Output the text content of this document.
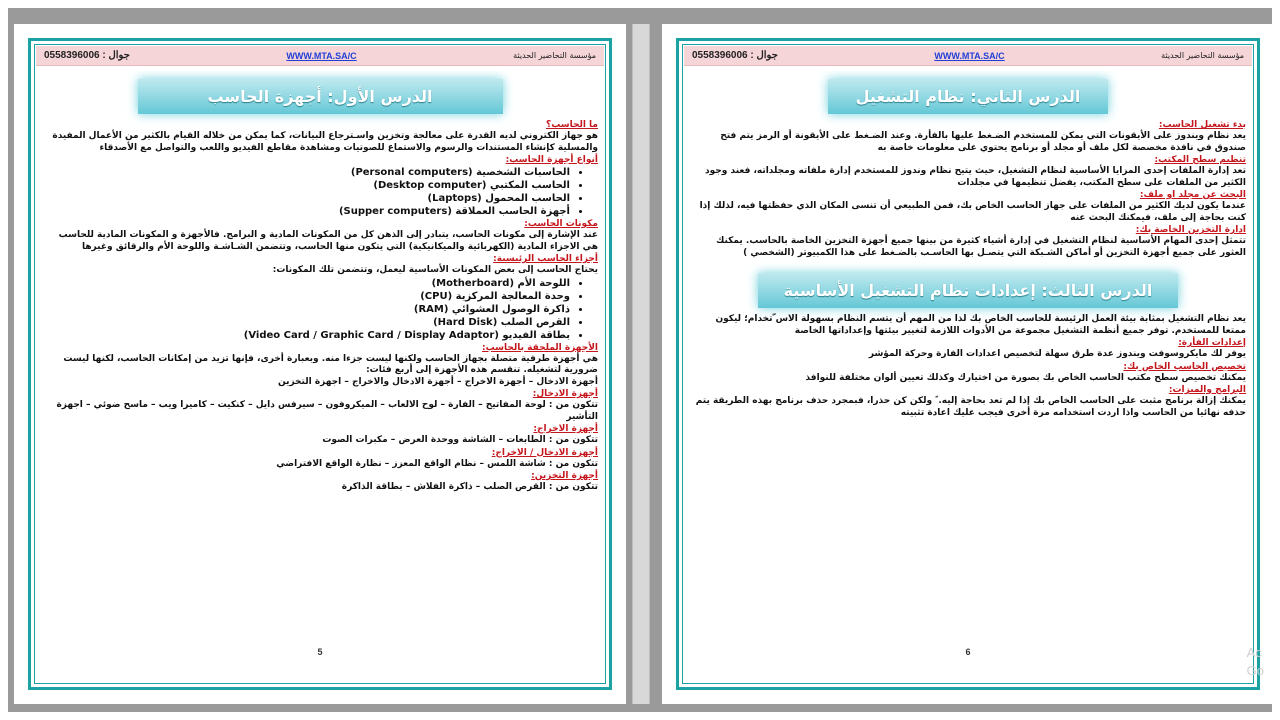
جوال : 0558396006	WWW.MTA.SA/C	مؤسسة التحاضير الحديثة
الدرس الأول: أجهزة الحاسب
ما الحاسب؟
هو جهاز الكتروني لديه القدرة على معالجة وتخزين واسـترجاع البيانات، كما يمكن من خلاله القيام بالكثير من الأعمال المفيدة والمسلية كإنشاء المستندات والرسوم والاستماع للصوتيات ومشاهدة مقاطع الفيديو واللعب والتواصل مع الأصدقاء
أنواع أجهزة الحاسب:
• الحاسبات الشخصية (Personal computers)
• الحاسب المكتبي (Desktop computer)
• الحاسب المحمول (Laptops)
• أجهزة الحاسب العملاقة (Supper computers)
مكونات الحاسب:
عند الإشارة إلى مكونات الحاسب، يتبادر إلى الذهن كل من المكونات المادية و البرامج. فالأجهزة و المكونات المادية للحاسب هي الاجزاء المادية (الكهربائية والميكانيكية) التي يتكون منها الحاسب، وتتضمن الشـاشـة واللوحة الأم والرقائق وغيرها
أجزاء الحاسب الرئيسية:
يحتاج الحاسب إلى بعض المكونات الأساسية ليعمل، وتتضمن تلك المكونات:
• اللوحة الأم (Motherboard)
• وحدة المعالجة المركزية (CPU)
• ذاكرة الوصول العشوائي (RAM)
• القرص الصلب (Hard Disk)
• بطاقة الفيديو (Video Card / Graphic Card / Display Adaptor)
الأجهزة الملحقة بالحاسب:
هي أجهزة طرفية متصلة بجهاز الحاسب ولكنها ليست جزءا منه. وبعبارة أخرى، فإنها تزيد من إمكانات الحاسب، لكنها ليست ضرورية لتشغيله. تنقسم هذه الأجهزة إلى أربع فئات:
أجهزة الادخال – أجهزة الاخراج – أجهزة الادخال والاخراج – اجهزة التخزين
أجهزة الادخال:
تتكون من : لوحة المفاتيح – الفارة – لوح الالعاب – الميكروفون – سيرفس دايل – كنكيت – كاميرا ويب – ماسح ضوئي – اجهزة التأشير
أجهزة الاخراج:
تتكون من : الطابعات – الشاشة ووحدة العرض – مكبرات الصوت
أجهزة الادخال / الاخراج:
تتكون من : شاشة اللمس – نظام الواقع المعزز – نظارة الواقع الافتراضي
أجهزة التخزين:
تتكون من : القرص الصلب – ذاكرة الفلاش – بطاقة الذاكرة
5
جوال : 0558396006	WWW.MTA.SA/C	مؤسسة التحاضير الحديثة
الدرس الثاني: نظام التشغيل
بدء تشغيل الحاسب:
يعد نظام ويندوز على الأيقونات التي يمكن للمستخدم الضـغط عليها بالفأرة. وعند الضـغط على الأيقونة أو الرمز يتم فتح صندوق في نافذة مخصصة لكل ملف أو مجلد أو برنامج يحتوي على معلومات خاصة به
تنظيم سطح المكتب:
تعد إدارة الملفات إحدى المزايا الأساسية لنظام التشغيل، حيث يتيح نظام وندوز للمستخدم إدارة ملفاته ومجلداته، فعند وجود الكثير من الملفات على سطح المكتب، يفضل تنظيمها في مجلدات
البحث عن مجلد او ملف:
عندما يكون لديك الكثير من الملفات على جهاز الحاسب الخاص بك، فمن الطبيعي أن تنسى المكان الذي حفظتها فيه، لذلك إذا كنت بحاجة إلى ملف، فيمكنك البحث عنه
ادارة التخزين الخاصة بك:
تتمثل إحدى المهام الأساسية لنظام التشغيل في إدارة أشياء كثيرة من بينها جميع أجهزة التخزين الخاصة بالحاسب. يمكنك العثور على جميع أجهزة التخزين أو أماكن الشـبكة التي يتصـل بها الحاسـب بالضـغط على هذا الكمبيوتر (الشخصي )
الدرس الثالث: إعدادات نظام التشغيل الأساسية
يعد نظام التشغيل بمثابة بيئة العمل الرئيسة للحاسب الخاص بك لذا من المهم أن يتسم النظام بسهولة الاس ّتخدام؛ ليكون ممتعا للمستخدم. توفر جميع أنظمة التشغيل مجموعة من الأدوات اللازمة لتغيير بيئتها وإعداداتها الخاصة
إعدادات الفأرة:
يوفر لك مايكروسوفت ويندوز عدة طرق سهلة لتخصيص اعدادات الفارة وحركة المؤشر
تخصيص الحاسب الخاص بك:
يمكنك تخصيص سطح مكتب الحاسب الخاص بك بصورة من اختيارك وكذلك تعيين ألوان مختلفة للنوافذ
البرامج والميزات:
يمكنك إزالة برنامج مثبت على الحاسب الخاص بك إذا لم تعد بحاجة إليه. ً ولكن كن حذرا، فبمجرد حذف برنامج بهذه الطريقة يتم حذفه نهائيا من الحاسب واذا اردت استخدامه مرة أخرى فيجب عليك اعادة تثبيته
6	Ac
Go
